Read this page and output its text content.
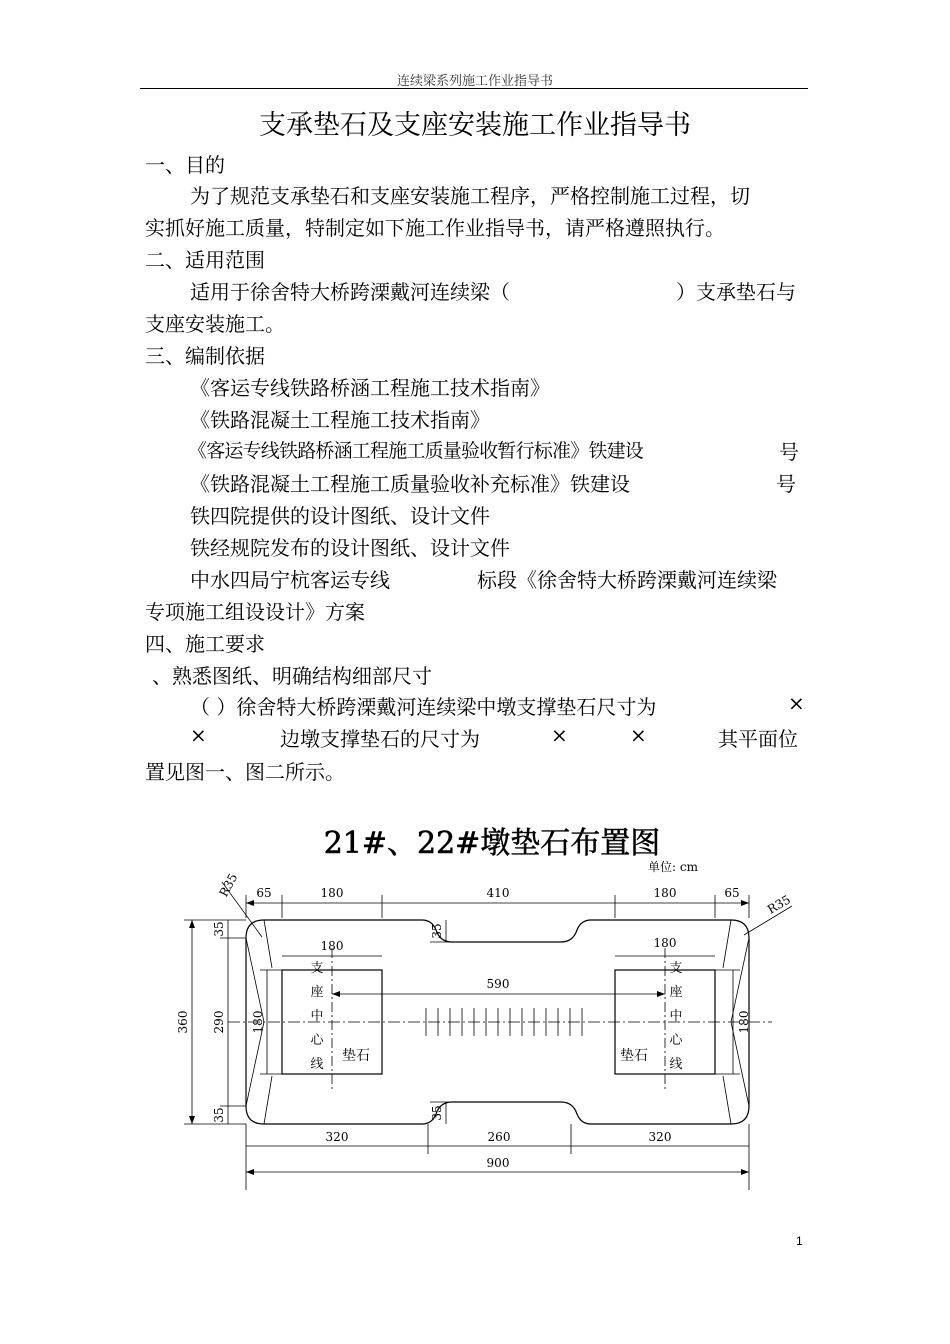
连续梁系列施工作业指导书
支承垫石及支座安装施工作业指导书
一、目的
为了规范支承垫石和支座安装施工程序，严格控制施工过程，切
实抓好施工质量，特制定如下施工作业指导书，请严格遵照执行。
二、适用范围
适用于徐舍特大桥跨溧戴河连续梁（	）支承垫石与
支座安装施工。
三、编制依据
《客运专线铁路桥涵工程施工技术指南》
《铁路混凝土工程施工技术指南》
《客运专线铁路桥涵工程施工质量验收暂行标准》铁建设	号
《铁路混凝土工程施工质量验收补充标准》铁建设	号
铁四院提供的设计图纸、设计文件
铁经规院发布的设计图纸、设计文件
中水四局宁杭客运专线	标段《徐舍特大桥跨溧戴河连续梁
专项施工组设设计》方案
四、施工要求
、熟悉图纸、明确结构细部尺寸
（ ）徐舍特大桥跨溧戴河连续梁中墩支撑垫石尺寸为	×
×	边墩支撑垫石的尺寸为	×	×	其平面位
置见图一、图二所示。
65	180	410	180	65
180	180
590
320	260	320
900
360 290
35
35
180	180
35
35
R35
R35
垫石	垫石
支
座
中
心
线
支
座
中
心
线
21#、22#墩垫石布置图
单位: cm
1
